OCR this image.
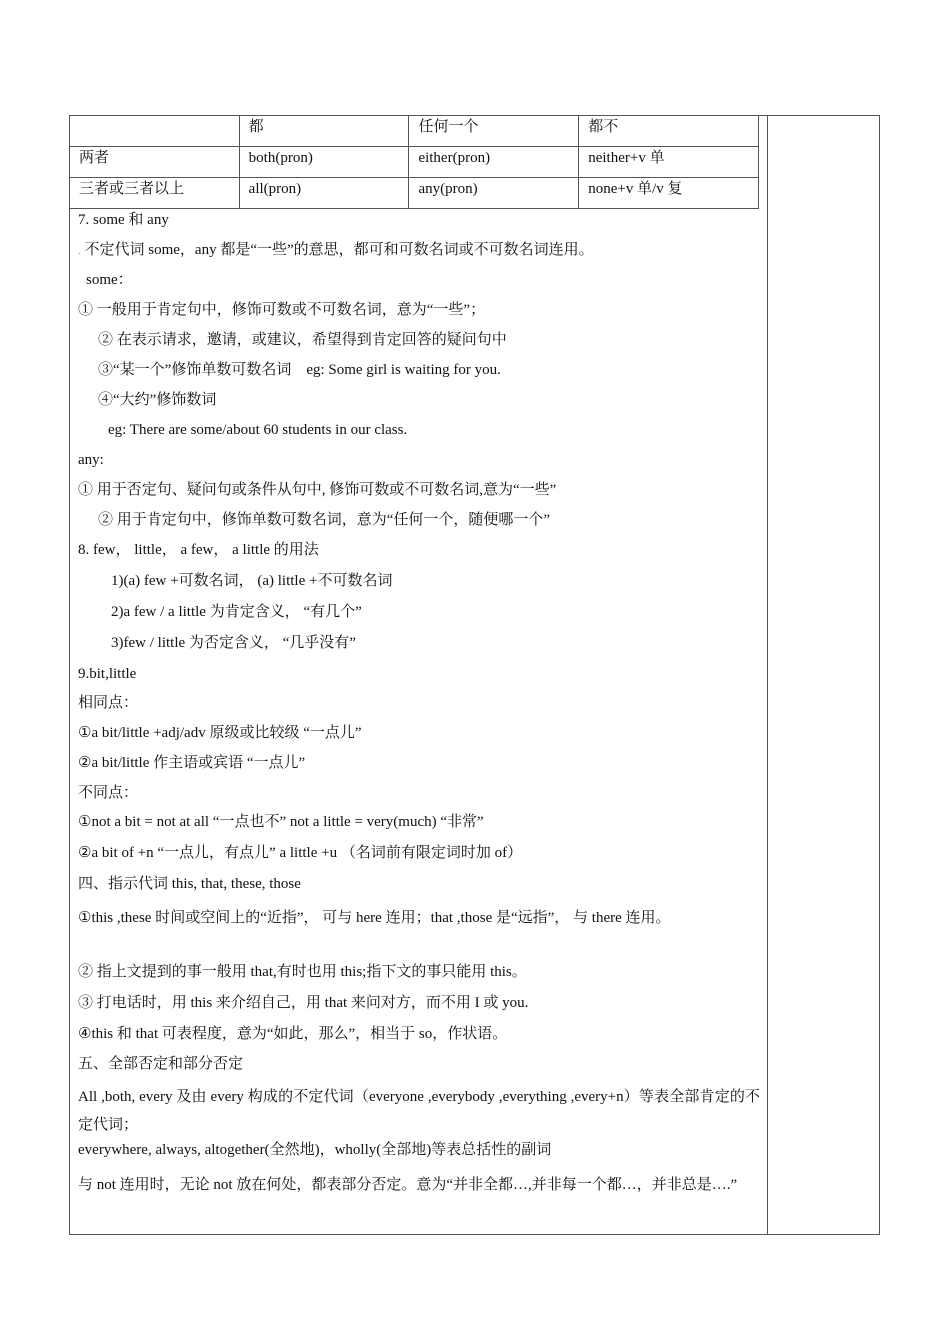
	都	任何一个	都不
两者	both(pron)	either(pron)	neither+v 单
三者或三者以上	all(pron)	any(pron)	none+v 单/v 复
7. some 和 any
. 不定代词 some，any 都是“一些”的意思，都可和可数名词或不可数名词连用。
some：
① 一般用于肯定句中，修饰可数或不可数名词，意为“一些”；
② 在表示请求，邀请，或建议，希望得到肯定回答的疑问句中
③“某一个”修饰单数可数名词　eg: Some girl is waiting for you.
④“大约”修饰数词
eg: There are some/about 60 students in our class.
any:
① 用于否定句、疑问句或条件从句中, 修饰可数或不可数名词,意为“一些”
② 用于肯定句中，修饰单数可数名词，意为“任何一个，随便哪一个”
8. few， little， a few， a little 的用法
1)(a) few +可数名词， (a) little +不可数名词
2)a few / a little 为肯定含义， “有几个”
3)few / little 为否定含义， “几乎没有”
9.bit,little
相同点：
①a bit/little +adj/adv 原级或比较级 “一点儿”
②a bit/little 作主语或宾语 “一点儿”
不同点：
①not a bit = not at all “一点也不” not a little = very(much) “非常”
②a bit of +n “一点儿，有点儿” a little +u （名词前有限定词时加 of）
四、指示代词 this, that, these, those
①this ,these 时间或空间上的“近指”， 可与 here 连用；that ,those 是“远指”， 与 there 连用。
② 指上文提到的事一般用 that,有时也用 this;指下文的事只能用 this。
③ 打电话时，用 this 来介绍自己，用 that 来问对方，而不用 I 或 you.
④this 和 that 可表程度，意为“如此，那么”，相当于 so，作状语。
五、全部否定和部分否定
All ,both, every 及由 every 构成的不定代词（everyone ,everybody ,everything ,every+n）等表全部肯定的不定代词；
everywhere, always, altogether(全然地)，wholly(全部地)等表总括性的副词
与 not 连用时，无论 not 放在何处，都表部分否定。意为“并非全都…,并非每一个都…，并非总是….”
